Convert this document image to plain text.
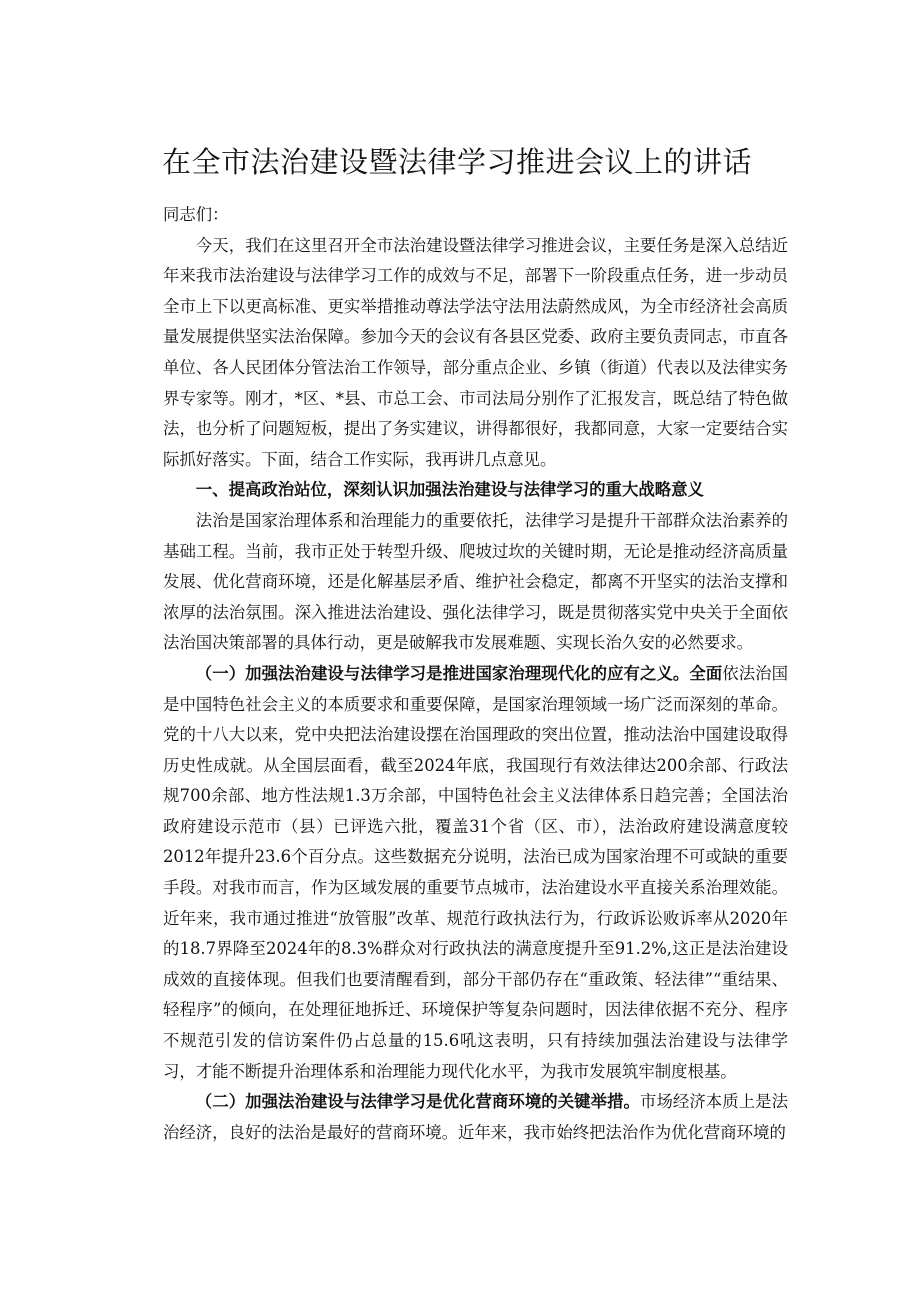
在全市法治建设暨法律学习推进会议上的讲话

同志们：

今天，我们在这里召开全市法治建设暨法律学习推进会议，主要任务是深入总结近年来我市法治建设与法律学习工作的成效与不足，部署下一阶段重点任务，进一步动员全市上下以更高标准、更实举措推动尊法学法守法用法蔚然成风，为全市经济社会高质量发展提供坚实法治保障。参加今天的会议有各县区党委、政府主要负责同志，市直各单位、各人民团体分管法治工作领导，部分重点企业、乡镇（街道）代表以及法律实务界专家等。刚才，*区、*县、市总工会、市司法局分别作了汇报发言，既总结了特色做法，也分析了问题短板，提出了务实建议，讲得都很好，我都同意，大家一定要结合实际抓好落实。下面，结合工作实际，我再讲几点意见。

一、提高政治站位，深刻认识加强法治建设与法律学习的重大战略意义

法治是国家治理体系和治理能力的重要依托，法律学习是提升干部群众法治素养的基础工程。当前，我市正处于转型升级、爬坡过坎的关键时期，无论是推动经济高质量发展、优化营商环境，还是化解基层矛盾、维护社会稳定，都离不开坚实的法治支撑和浓厚的法治氛围。深入推进法治建设、强化法律学习，既是贯彻落实党中央关于全面依法治国决策部署的具体行动，更是破解我市发展难题、实现长治久安的必然要求。

（一）加强法治建设与法律学习是推进国家治理现代化的应有之义。全面依法治国是中国特色社会主义的本质要求和重要保障，是国家治理领域一场广泛而深刻的革命。党的十八大以来，党中央把法治建设摆在治国理政的突出位置，推动法治中国建设取得历史性成就。从全国层面看，截至2024年底，我国现行有效法律达200余部、行政法规700余部、地方性法规1.3万余部，中国特色社会主义法律体系日趋完善；全国法治政府建设示范市（县）已评选六批，覆盖31个省（区、市），法治政府建设满意度较2012年提升23.6个百分点。这些数据充分说明，法治已成为国家治理不可或缺的重要手段。对我市而言，作为区域发展的重要节点城市，法治建设水平直接关系治理效能。近年来，我市通过推进“放管服”改革、规范行政执法行为，行政诉讼败诉率从2020年的18.7界降至2024年的8.3%群众对行政执法的满意度提升至91.2%,这正是法治建设成效的直接体现。但我们也要清醒看到，部分干部仍存在“重政策、轻法律”“重结果、轻程序”的倾向，在处理征地拆迁、环境保护等复杂问题时，因法律依据不充分、程序不规范引发的信访案件仍占总量的15.6吼这表明，只有持续加强法治建设与法律学习，才能不断提升治理体系和治理能力现代化水平，为我市发展筑牢制度根基。

（二）加强法治建设与法律学习是优化营商环境的关键举措。市场经济本质上是法治经济，良好的法治是最好的营商环境。近年来，我市始终把法治作为优化营商环境的
